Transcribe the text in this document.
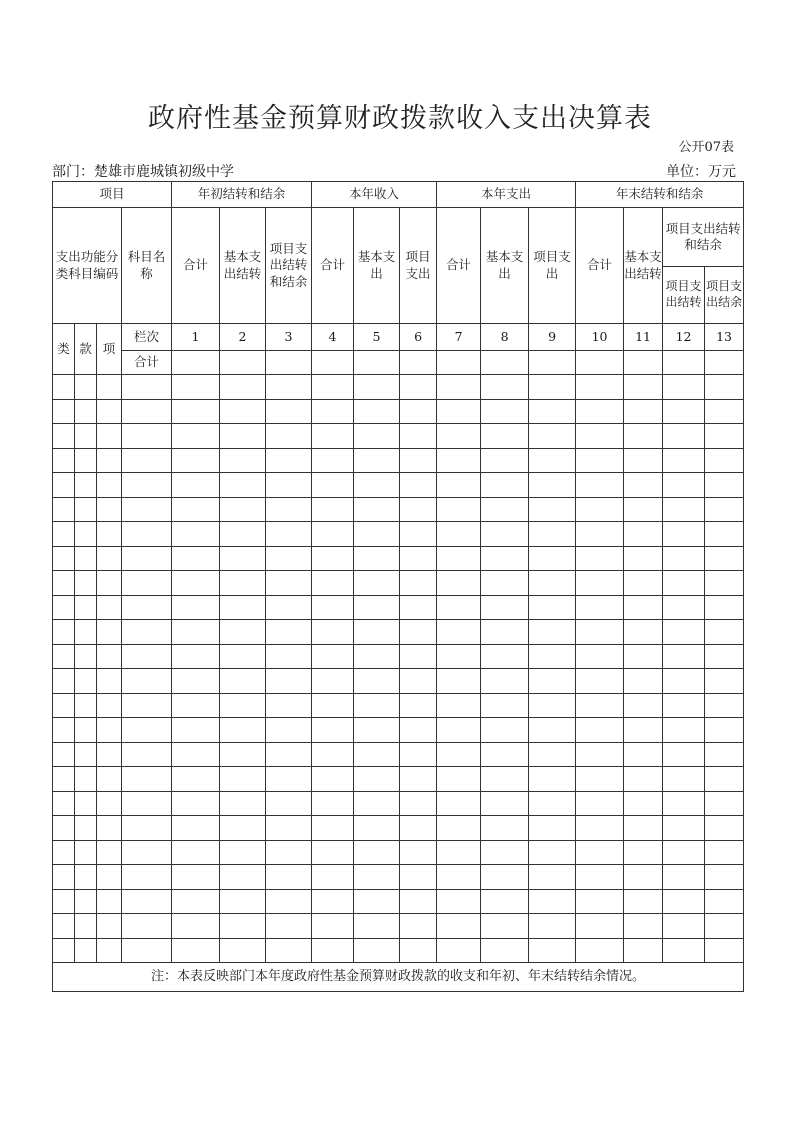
政府性基金预算财政拨款收入支出决算表
公开07表
部门：楚雄市鹿城镇初级中学	单位：万元
项目				年初结转和结余			本年收入			本年支出			年末结转和结余			
支出功能分类科目编码			科目名称	合计	基本支出结转	项目支出结转和结余	合计	基本支出	项目支出	合计	基本支出	项目支出	合计	基本支出结转	项目支出结转和结余	
															项目支出结转	项目支出结余
类	款	项	栏次	1	2	3	4	5	6	7	8	9	10	11	12	13
			合计													

注：本表反映部门本年度政府性基金预算财政拨款的收支和年初、年末结转结余情况。																
